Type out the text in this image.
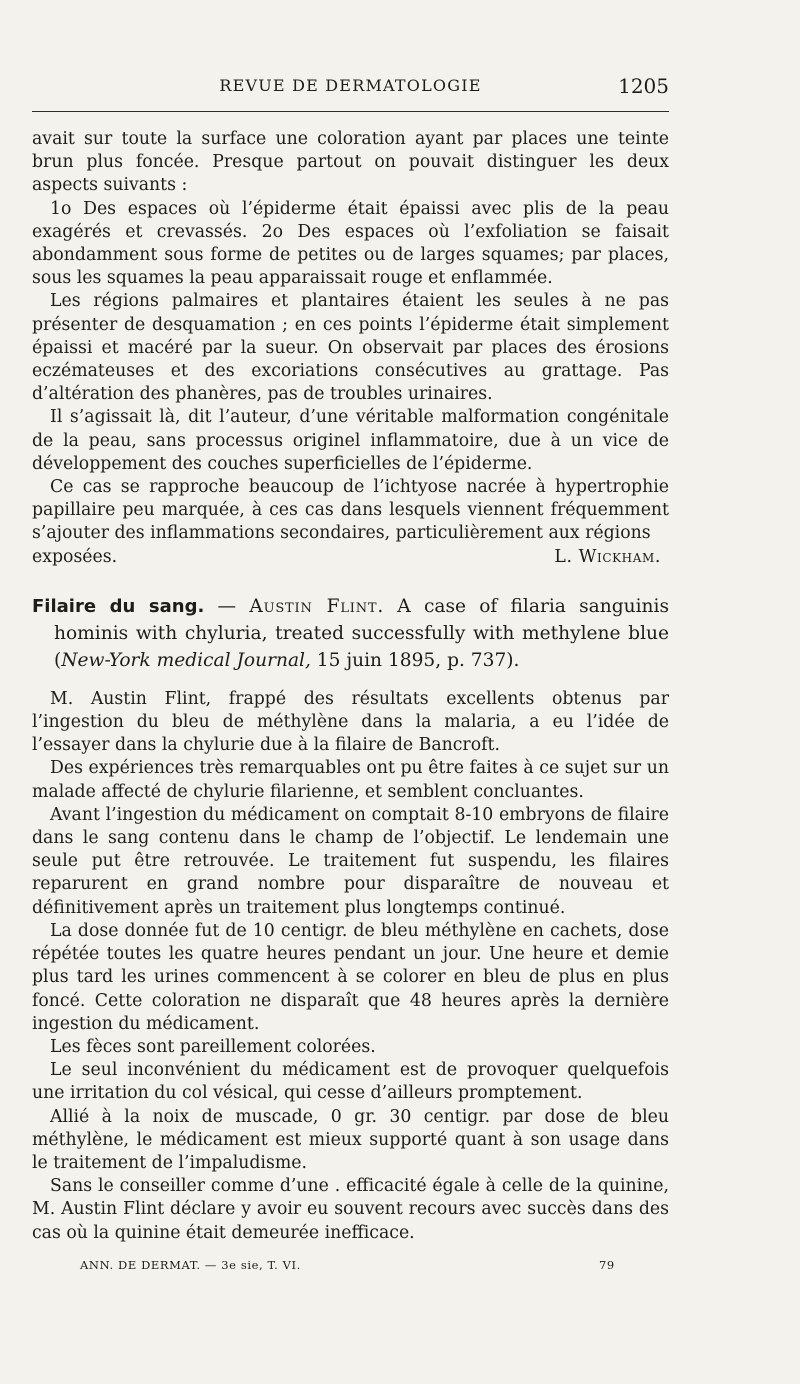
REVUE DE DERMATOLOGIE	1205

avait sur toute la surface une coloration ayant par places une teinte brun plus foncée. Presque partout on pouvait distinguer les deux aspects suivants :

1o Des espaces où l’épiderme était épaissi avec plis de la peau exagérés et crevassés. 2o Des espaces où l’exfoliation se faisait abondamment sous forme de petites ou de larges squames; par places, sous les squames la peau apparaissait rouge et enflammée.

Les régions palmaires et plantaires étaient les seules à ne pas présenter de desquamation ; en ces points l’épiderme était simplement épaissi et macéré par la sueur. On observait par places des érosions eczémateuses et des excoriations consécutives au grattage. Pas d’altération des phanères, pas de troubles urinaires.

Il s’agissait là, dit l’auteur, d’une véritable malformation congénitale de la peau, sans processus originel inflammatoire, due à un vice de développement des couches superficielles de l’épiderme.

Ce cas se rapproche beaucoup de l’ichtyose nacrée à hypertrophie papillaire peu marquée, à ces cas dans lesquels viennent fréquemment s’ajouter des inflammations secondaires, particulièrement aux régions

exposées.	L. Wickham.

Filaire du sang. — Austin Flint. A case of filaria sanguinis hominis with chyluria, treated successfully with methylene blue (New-York medical Journal, 15 juin 1895, p. 737).

M. Austin Flint, frappé des résultats excellents obtenus par l’ingestion du bleu de méthylène dans la malaria, a eu l’idée de l’essayer dans la chylurie due à la filaire de Bancroft.

Des expériences très remarquables ont pu être faites à ce sujet sur un malade affecté de chylurie filarienne, et semblent concluantes.

Avant l’ingestion du médicament on comptait 8-10 embryons de filaire dans le sang contenu dans le champ de l’objectif. Le lendemain une seule put être retrouvée. Le traitement fut suspendu, les filaires reparurent en grand nombre pour disparaître de nouveau et définitivement après un traitement plus longtemps continué.

La dose donnée fut de 10 centigr. de bleu méthylène en cachets, dose répétée toutes les quatre heures pendant un jour. Une heure et demie plus tard les urines commencent à se colorer en bleu de plus en plus foncé. Cette coloration ne disparaît que 48 heures après la dernière ingestion du médicament.

Les fèces sont pareillement colorées.

Le seul inconvénient du médicament est de provoquer quelquefois une irritation du col vésical, qui cesse d’ailleurs promptement.

Allié à la noix de muscade, 0 gr. 30 centigr. par dose de bleu méthylène, le médicament est mieux supporté quant à son usage dans le traitement de l’impaludisme.

Sans le conseiller comme d’une . efficacité égale à celle de la quinine, M. Austin Flint déclare y avoir eu souvent recours avec succès dans des cas où la quinine était demeurée inefficace.

ANN. DE DERMAT. — 3e sie, T. VI.	79
